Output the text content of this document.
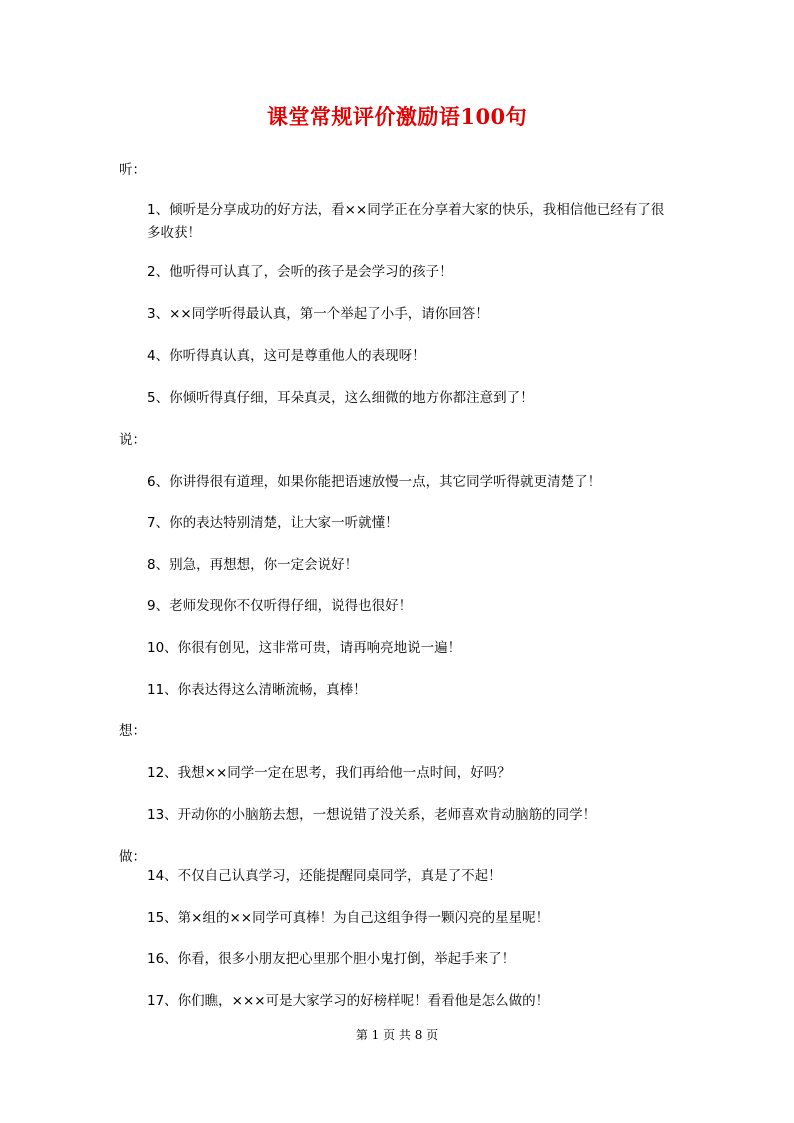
课堂常规评价激励语100句
听：
1、倾听是分享成功的好方法，看××同学正在分享着大家的快乐，我相信他已经有了很多收获！
2、他听得可认真了，会听的孩子是会学习的孩子！
3、××同学听得最认真，第一个举起了小手，请你回答！
4、你听得真认真，这可是尊重他人的表现呀！
5、你倾听得真仔细，耳朵真灵，这么细微的地方你都注意到了！
说：
6、你讲得很有道理，如果你能把语速放慢一点，其它同学听得就更清楚了！
7、你的表达特别清楚，让大家一听就懂！
8、别急，再想想，你一定会说好！
9、老师发现你不仅听得仔细，说得也很好！
10、你很有创见，这非常可贵，请再响亮地说一遍！
11、你表达得这么清晰流畅，真棒！
想：
12、我想××同学一定在思考，我们再给他一点时间，好吗？
13、开动你的小脑筋去想，一想说错了没关系，老师喜欢肯动脑筋的同学！
做：
14、不仅自己认真学习，还能提醒同桌同学，真是了不起！
15、第×组的××同学可真棒！为自己这组争得一颗闪亮的星星呢！
16、你看，很多小朋友把心里那个胆小鬼打倒，举起手来了！
17、你们瞧，×××可是大家学习的好榜样呢！看看他是怎么做的！
第 1 页 共 8 页
